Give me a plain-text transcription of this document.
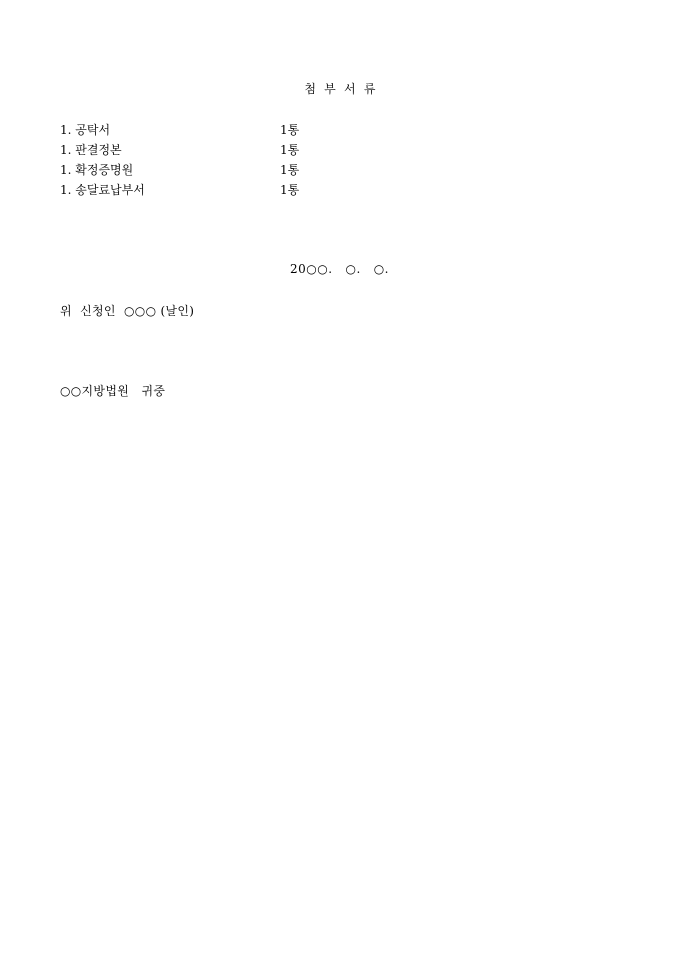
첨  부  서  류
1. 공탁서	1통
1. 판결정본	1통
1. 확정증명원	1통
1. 송달료납부서	1통
20○○.   ○.   ○.
위  신청인  ○○○ (날인)
○○지방법원   귀중
